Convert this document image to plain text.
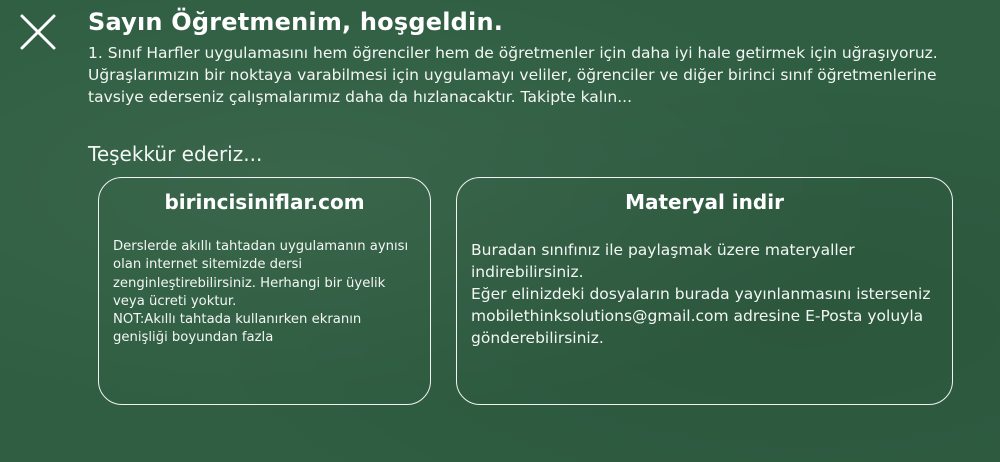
Sayın Öğretmenim, hoşgeldin.
1. Sınıf Harfler uygulamasını hem öğrenciler hem de öğretmenler için daha iyi hale getirmek için uğraşıyoruz. Uğraşlarımızın bir noktaya varabilmesi için uygulamayı veliler, öğrenciler ve diğer birinci sınıf öğretmenlerine tavsiye ederseniz çalışmalarımız daha da hızlanacaktır. Takipte kalın...
Teşekkür ederiz...
birincisiniflar.com
Derslerde akıllı tahtadan uygulamanın aynısı olan internet sitemizde dersi zenginleştirebilirsiniz. Herhangi bir üyelik veya ücreti yoktur.
NOT:Akıllı tahtada kullanırken ekranın genişliği boyundan fazla
Materyal indir
Buradan sınıfınız ile paylaşmak üzere materyaller indirebilirsiniz.
Eğer elinizdeki dosyaların burada yayınlanmasını isterseniz mobilethinksolutions@gmail.com adresine E-Posta yoluyla gönderebilirsiniz.
